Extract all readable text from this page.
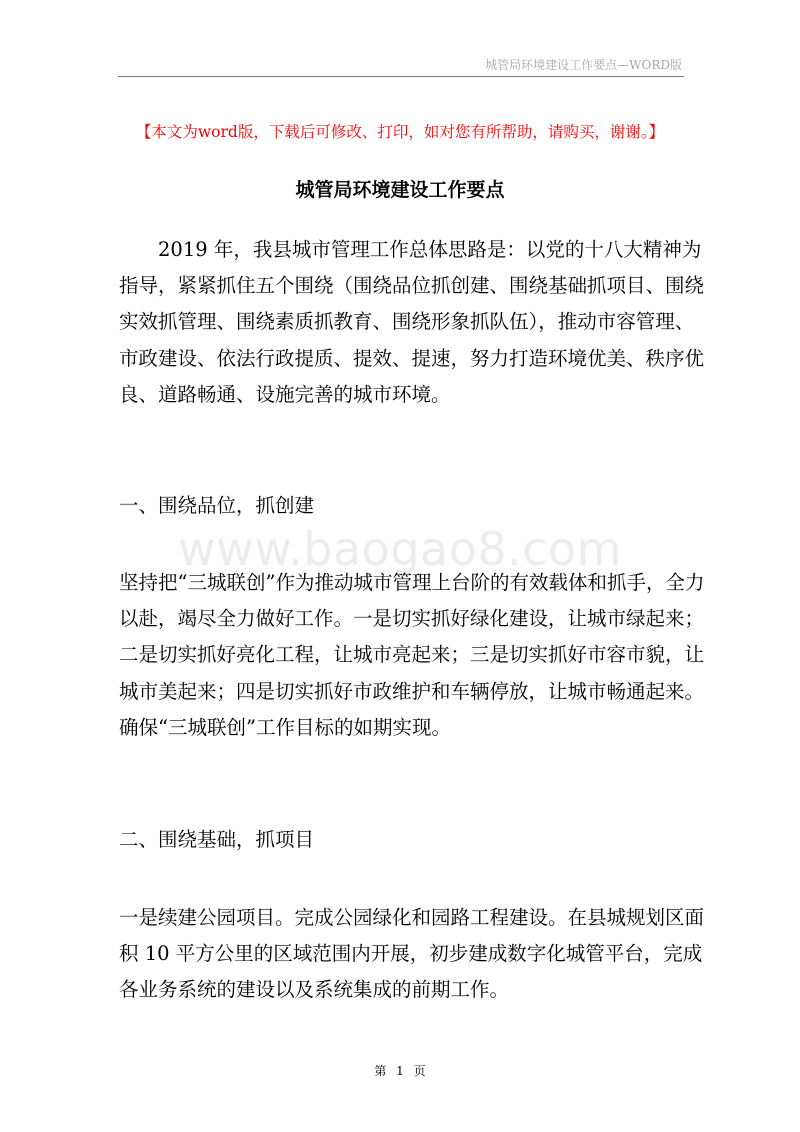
城管局环境建设工作要点—WORD版
【本文为word版，下载后可修改、打印，如对您有所帮助，请购买，谢谢。】
城管局环境建设工作要点
2019 年，我县城市管理工作总体思路是：以党的十八大精神为
指导，紧紧抓住五个围绕（围绕品位抓创建、围绕基础抓项目、围绕
实效抓管理、围绕素质抓教育、围绕形象抓队伍），推动市容管理、
市政建设、依法行政提质、提效、提速，努力打造环境优美、秩序优
良、道路畅通、设施完善的城市环境。
一、围绕品位，抓创建
www.baogao8.com
坚持把“三城联创”作为推动城市管理上台阶的有效载体和抓手，全力
以赴，竭尽全力做好工作。一是切实抓好绿化建设，让城市绿起来；
二是切实抓好亮化工程，让城市亮起来；三是切实抓好市容市貌，让
城市美起来；四是切实抓好市政维护和车辆停放，让城市畅通起来。
确保“三城联创”工作目标的如期实现。
二、围绕基础，抓项目
一是续建公园项目。完成公园绿化和园路工程建设。在县城规划区面
积 10 平方公里的区域范围内开展，初步建成数字化城管平台，完成
各业务系统的建设以及系统集成的前期工作。
第 1 页
